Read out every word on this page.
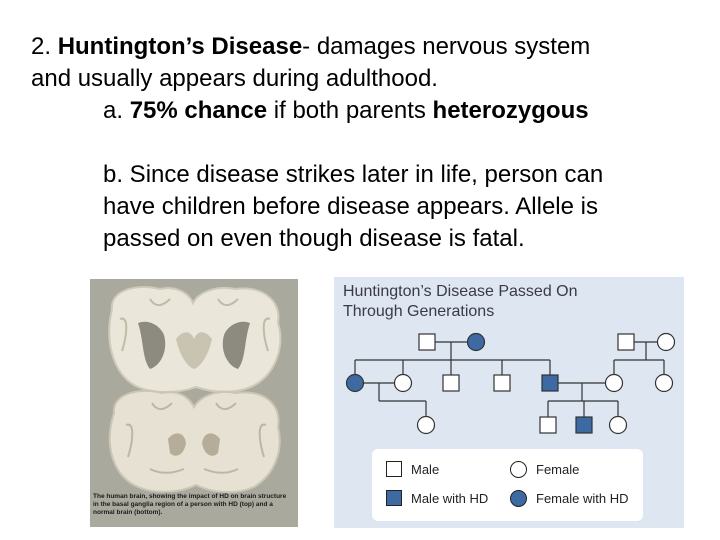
2. Huntington’s Disease- damages nervous system
and usually appears during adulthood.
a. 75% chance if both parents heterozygous
b. Since disease strikes later in life, person can
have children before disease appears. Allele is
passed on even though disease is fatal.
The human brain, showing the impact of HD on brain structure in the basal ganglia region of a person with HD (top) and a normal brain (bottom).
Huntington’s Disease Passed On
Through Generations
Male	Female
Male with HD	Female with HD
